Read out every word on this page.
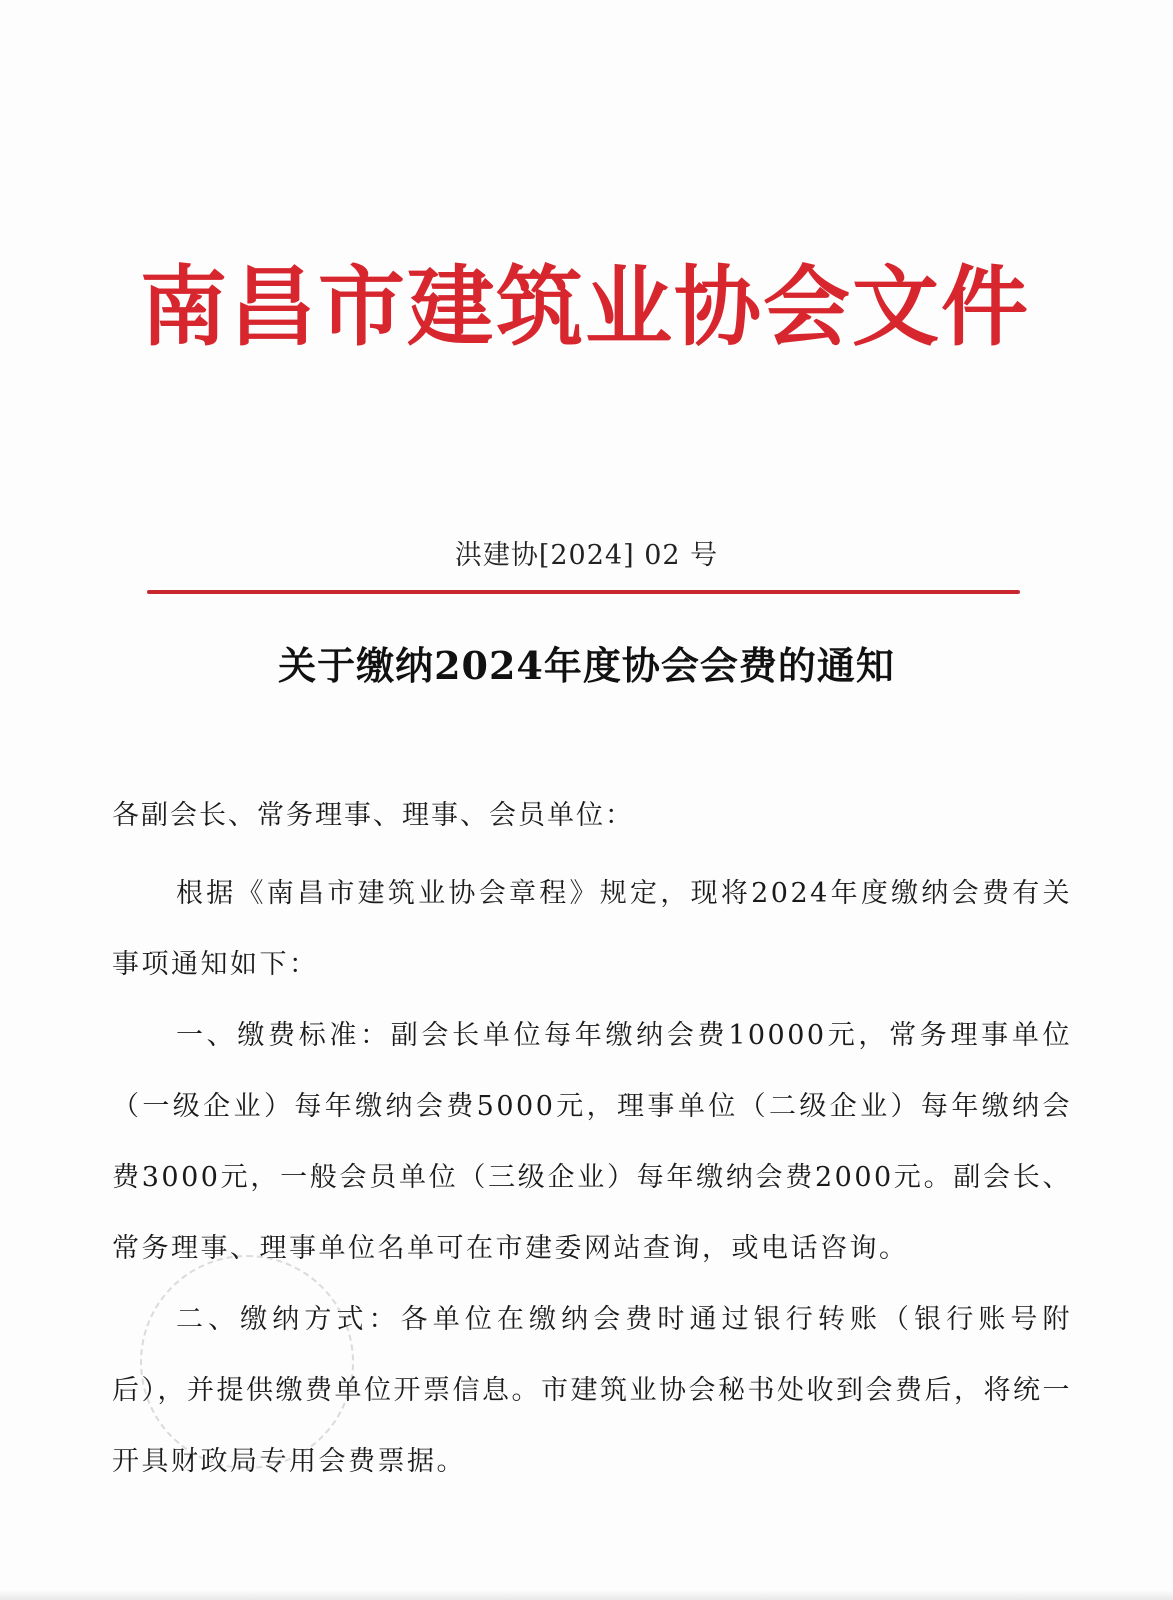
南昌市建筑业协会文件
洪建协[2024] 02 号
关于缴纳2024年度协会会费的通知
各副会长、常务理事、理事、会员单位：

根据《南昌市建筑业协会章程》规定，现将2024年度缴纳会费有关事项通知如下：

一、缴费标准：副会长单位每年缴纳会费10000元，常务理事单位（一级企业）每年缴纳会费5000元，理事单位（二级企业）每年缴纳会费3000元，一般会员单位（三级企业）每年缴纳会费2000元。副会长、常务理事、理事单位名单可在市建委网站查询，或电话咨询。

二、缴纳方式：各单位在缴纳会费时通过银行转账（银行账号附后），并提供缴费单位开票信息。市建筑业协会秘书处收到会费后，将统一开具财政局专用会费票据。
